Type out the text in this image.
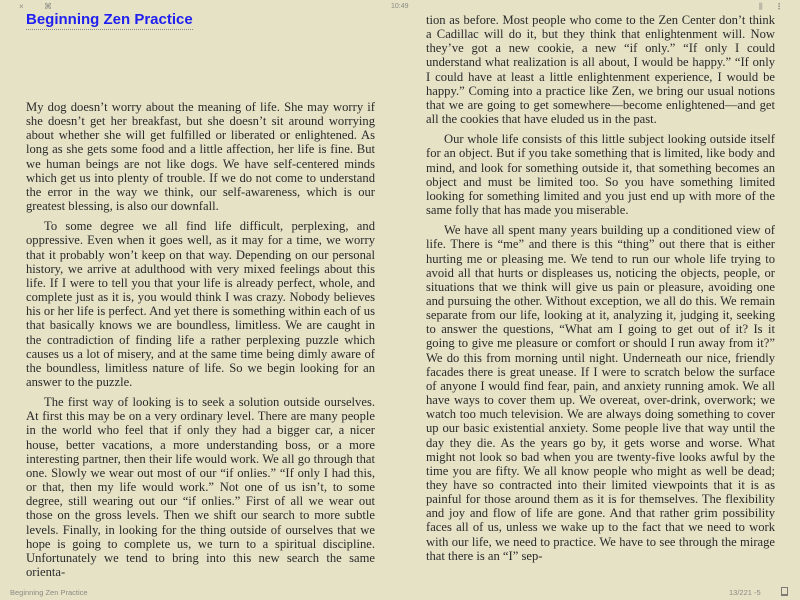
×	⌘	10:49	⫼ ⋮
Beginning Zen Practice

My dog doesn’t worry about the meaning of life. She may worry if she doesn’t get her breakfast, but she doesn’t sit around worrying about whether she will get fulfilled or liberated or enlightened. As long as she gets some food and a little affection, her life is fine. But we human beings are not like dogs. We have self-centered minds which get us into plenty of trouble. If we do not come to understand the error in the way we think, our self-awareness, which is our greatest blessing, is also our downfall.

To some degree we all find life difficult, perplexing, and oppressive. Even when it goes well, as it may for a time, we worry that it probably won’t keep on that way. Depending on our personal history, we arrive at adulthood with very mixed feelings about this life. If I were to tell you that your life is already perfect, whole, and complete just as it is, you would think I was crazy. Nobody believes his or her life is perfect. And yet there is something within each of us that basically knows we are boundless, limitless. We are caught in the contradiction of finding life a rather perplexing puzzle which causes us a lot of misery, and at the same time being dimly aware of the boundless, limitless nature of life. So we begin looking for an answer to the puzzle.

The first way of looking is to seek a solution outside ourselves. At first this may be on a very ordinary level. There are many people in the world who feel that if only they had a bigger car, a nicer house, better vacations, a more understanding boss, or a more interesting partner, then their life would work. We all go through that one. Slowly we wear out most of our “if onlies.” “If only I had this, or that, then my life would work.” Not one of us isn’t, to some degree, still wearing out our “if onlies.” First of all we wear out those on the gross levels. Then we shift our search to more subtle levels. Finally, in looking for the thing outside of ourselves that we hope is going to complete us, we turn to a spiritual discipline. Unfortunately we tend to bring into this new search the same orienta-

tion as before. Most people who come to the Zen Center don’t think a Cadillac will do it, but they think that enlightenment will. Now they’ve got a new cookie, a new “if only.” “If only I could understand what realization is all about, I would be happy.” “If only I could have at least a little enlightenment experience, I would be happy.” Coming into a practice like Zen, we bring our usual notions that we are going to get somewhere—become enlightened—and get all the cookies that have eluded us in the past.

Our whole life consists of this little subject looking outside itself for an object. But if you take something that is limited, like body and mind, and look for something outside it, that something becomes an object and must be limited too. So you have something limited looking for something limited and you just end up with more of the same folly that has made you miserable.

We have all spent many years building up a conditioned view of life. There is “me” and there is this “thing” out there that is either hurting me or pleasing me. We tend to run our whole life trying to avoid all that hurts or displeases us, noticing the objects, people, or situations that we think will give us pain or pleasure, avoiding one and pursuing the other. Without exception, we all do this. We remain separate from our life, looking at it, analyzing it, judging it, seeking to answer the questions, “What am I going to get out of it? Is it going to give me pleasure or comfort or should I run away from it?” We do this from morning until night. Underneath our nice, friendly facades there is great unease. If I were to scratch below the surface of anyone I would find fear, pain, and anxiety running amok. We all have ways to cover them up. We overeat, over-drink, overwork; we watch too much television. We are always doing something to cover up our basic existential anxiety. Some people live that way until the day they die. As the years go by, it gets worse and worse. What might not look so bad when you are twenty-five looks awful by the time you are fifty. We all know people who might as well be dead; they have so contracted into their limited viewpoints that it is as painful for those around them as it is for themselves. The flexibility and joy and flow of life are gone. And that rather grim possibility faces all of us, unless we wake up to the fact that we need to work with our life, we need to practice. We have to see through the mirage that there is an “I” sep-

Beginning Zen Practice	13/221 -5
